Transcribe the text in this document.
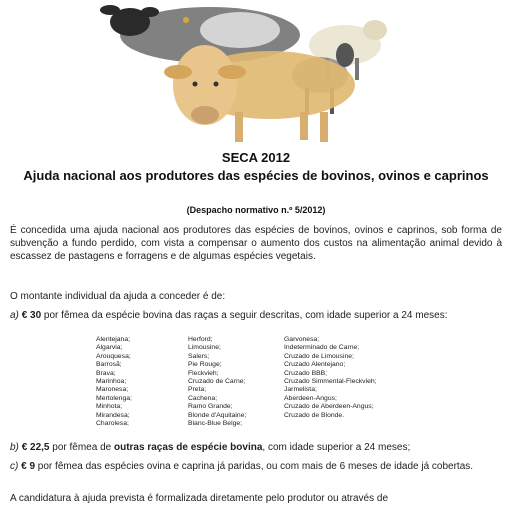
SECA 2012
Ajuda nacional aos produtores das espécies de bovinos, ovinos e caprinos
(Despacho normativo n.º 5/2012)
É concedida uma ajuda nacional aos produtores das espécies de bovinos, ovinos e caprinos, sob forma de subvenção a fundo perdido, com vista a compensar o aumento dos custos na alimentação animal devido à escassez de pastagens e forragens e de algumas espécies vegetais.
O montante individual da ajuda a conceder é de:
a) € 30 por fêmea da espécie bovina das raças a seguir descritas, com idade superior a 24 meses:
Alentejana;
Algarvia;
Arouquesa;
Barrosã;
Brava;
Marinhoa;
Maronesa;
Mertolenga;
Minhota;
Mirandesa;
Charolesa;
Herford;
Limousine;
Salers;
Pie Rouge;
Fleckvieh;
Cruzado de Carne;
Preta;
Cachena;
Ramo Grande;
Blonde d'Aquitaine;
Blanc-Blue Belge;
Garvonesa;
Indeterminado de Carne;
Cruzado de Limousine;
Cruzado Alentejano;
Cruzado BBB;
Cruzado Simmental-Fleckvieh;
Jarmelista;
Aberdeen-Angus;
Cruzado de Aberdeen-Angus;
Cruzado de Blonde.
b) € 22,5 por fêmea de outras raças de espécie bovina, com idade superior a 24 meses;
c) € 9 por fêmea das espécies ovina e caprina já paridas, ou com mais de 6 meses de idade já cobertas.
A candidatura à ajuda prevista é formalizada diretamente pelo produtor ou através de
